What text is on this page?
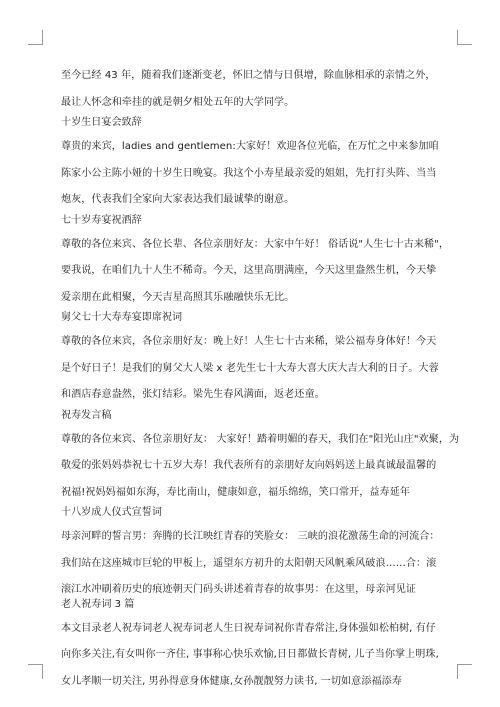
至今已经 43 年，随着我们逐渐变老，怀旧之情与日俱增，除血脉相承的亲情之外，

最让人怀念和牵挂的就是朝夕相处五年的大学同学。

十岁生日宴会致辞

尊贵的来宾，ladies and gentlemen:大家好！欢迎各位光临，在万忙之中来参加咱

陈家小公主陈小娅的十岁生日晚宴。我这个小寿星最亲爱的姐姐，先打打头阵、当当

炮灰，代表我们全家向大家表达我们最诚挚的谢意。

七十岁寿宴祝酒辞

尊敬的各位来宾、各位长辈、各位亲朋好友：大家中午好！ 俗话说"人生七十古来稀"，

要我说，在咱们九十人生不稀奇。今天，这里高朋满座，今天这里盎然生机，今天挚

爱亲朋在此相聚，今天吉星高照其乐融融快乐无比。

舅父七十大寿寿宴即席祝词

尊敬的各位来宾，各位亲朋好友：晚上好！人生七十古来稀，梁公福寿身体好！今天

是个好日子！是我们的舅父大人梁 x 老先生七十大寿大喜大庆大吉大利的日子。大蓉

和酒店春意盎然，张灯结彩。梁先生春风满面，返老还童。

祝寿发言稿

尊敬的各位来宾、各位亲朋好友： 大家好！踏着明媚的春天，我们在"阳光山庄"欢聚，为

敬爱的张妈妈恭祝七十五岁大寿！我代表所有的亲朋好友向妈妈送上最真诚最温馨的

祝福!祝妈妈福如东海，寿比南山，健康如意，福乐绵绵，笑口常开，益寿延年

十八岁成人仪式宣誓词

母亲河畔的誓言男：奔腾的长江映红青春的笑脸女： 三峡的浪花激荡生命的河流合：

我们站在这座城市巨轮的甲板上，遥望东方初升的太阳朝天风帆乘风破浪……合：滚

滚江水冲刷着历史的痕迹朝天门码头讲述着青春的故事男：在这里，母亲河见证

老人祝寿词 3 篇

本文目录老人祝寿词老人祝寿词老人生日祝寿词祝你青春常注,身体强如松柏树, 有仔

向你多关注,有女叫你一齐住, 事事称心快乐欢愉,日日都做长青树, 儿子当你掌上明珠,

女儿孝顺一切关注, 男孙得意身体健康,女孙靓靓努力读书, 一切如意添福添寿
